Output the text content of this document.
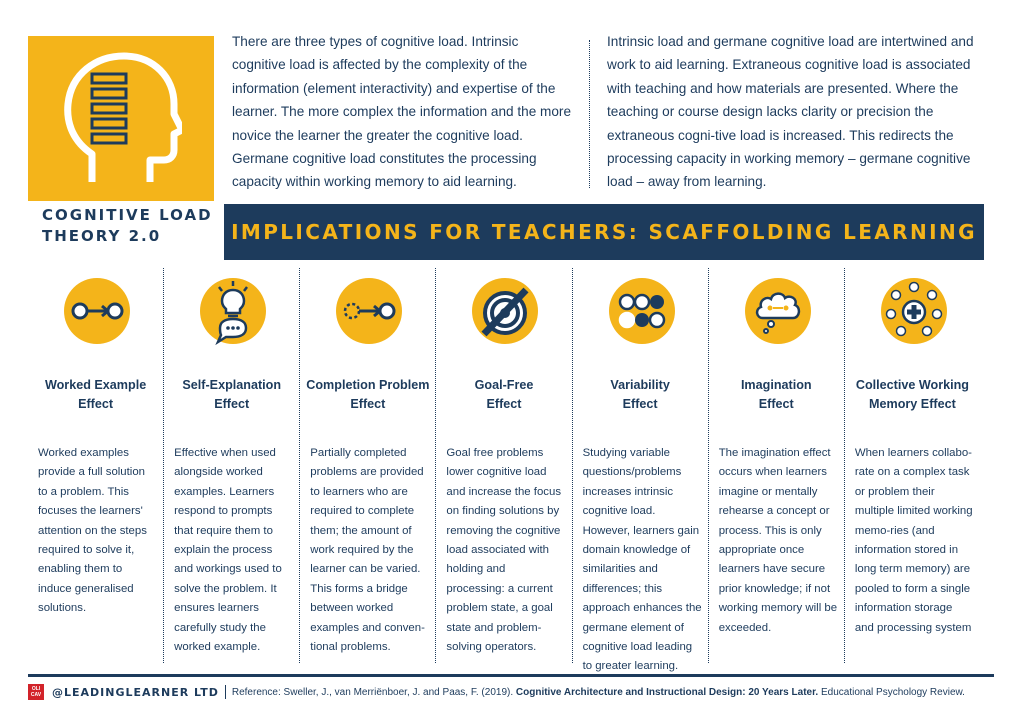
COGNITIVE LOAD THEORY 2.0
There are three types of cognitive load. Intrinsic cognitive load is affected by the complexity of the information (element interactivity) and expertise of the learner. The more complex the information and the more novice the learner the greater the cognitive load. Germane cognitive load constitutes the processing capacity within working memory to aid learning.
Intrinsic load and germane cognitive load are intertwined and work to aid learning. Extraneous cognitive load is associated with teaching and how materials are presented. Where the teaching or course design lacks clarity or precision the extraneous cogni-tive load is increased. This redirects the processing capacity in working memory – germane cognitive load – away from learning.
IMPLICATIONS FOR TEACHERS: SCAFFOLDING LEARNING
Worked Example
Effect
Worked examples provide a full solution to a problem. This focuses the learners' attention on the steps required to solve it, enabling them to induce generalised solutions.
Self-Explanation
Effect
Effective when used alongside worked examples. Learners respond to prompts that require them to explain the process and workings used to solve the problem. It ensures learners carefully study the worked example.
Completion Problem
Effect
Partially completed problems are provided to learners who are required to complete them; the amount of work required by the learner can be varied. This forms a bridge between worked examples and conven-tional problems.
Goal-Free
Effect
Goal free problems lower cognitive load and increase the focus on finding solutions by removing the cognitive load associated with holding and processing: a current problem state, a goal state and problem-solving operators.
Variability
Effect
Studying variable questions/problems increases intrinsic cognitive load. However, learners gain domain knowledge of similarities and differences; this approach enhances the germane element of cognitive load leading to greater learning.
Imagination
Effect
The imagination effect occurs when learners imagine or mentally rehearse a concept or process. This is only appropriate once learners have secure prior knowledge; if not working memory will be exceeded.
Collective Working
Memory Effect
When learners collabo-rate on a complex task or problem their multiple limited working memo-ries (and information stored in long term memory) are pooled to form a single information storage and processing system
OLI
CAV @LEADINGLEARNER LTD Reference: Sweller, J., van Merriënboer, J. and Paas, F. (2019). Cognitive Architecture and Instructional Design: 20 Years Later. Educational Psychology Review.
